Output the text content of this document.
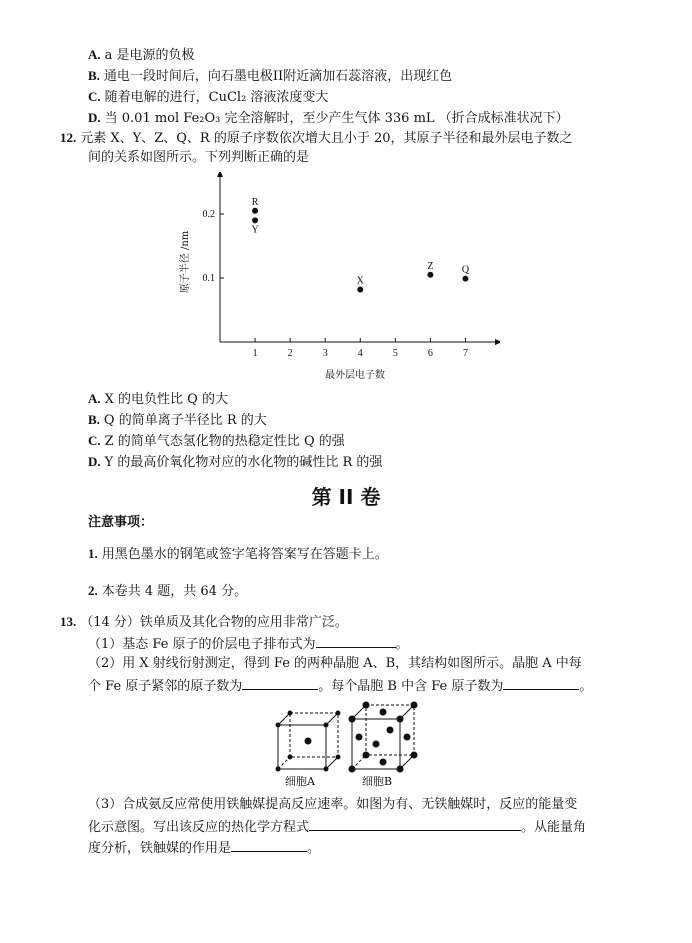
A. a 是电源的负极
B. 通电一段时间后，向石墨电极II附近滴加石蕊溶液，出现红色
C. 随着电解的进行，CuCl₂ 溶液浓度变大
D. 当 0.01 mol Fe₂O₃ 完全溶解时，至少产生气体 336 mL （折合成标准状况下）
12. 元素 X、Y、Z、Q、R 的原子序数依次增大且小于 20，其原子半径和最外层电子数之
间的关系如图所示。下列判断正确的是
1	2	3	4	5	6	7
0.1
0.2
最外层电子数
原子半径 /nm
R
Y
X
Z	Q
A. X 的电负性比 Q 的大
B. Q 的简单离子半径比 R 的大
C. Z 的简单气态氢化物的热稳定性比 Q 的强
D. Y 的最高价氧化物对应的水化物的碱性比 R 的强
第 II 卷
注意事项：
1. 用黑色墨水的钢笔或签字笔将答案写在答题卡上。
2. 本卷共 4 题，共 64 分。
13. （14 分）铁单质及其化合物的应用非常广泛。
（1）基态 Fe 原子的价层电子排布式为	。
（2）用 X 射线衍射测定，得到 Fe 的两种晶胞 A、B，其结构如图所示。晶胞 A 中每
个 Fe 原子紧邻的原子数为	。每个晶胞 B 中含 Fe 原子数为	。
细胞A	细胞B
（3）合成氨反应常使用铁触媒提高反应速率。如图为有、无铁触媒时，反应的能量变
化示意图。写出该反应的热化学方程式	。从能量角
度分析，铁触媒的作用是	。
